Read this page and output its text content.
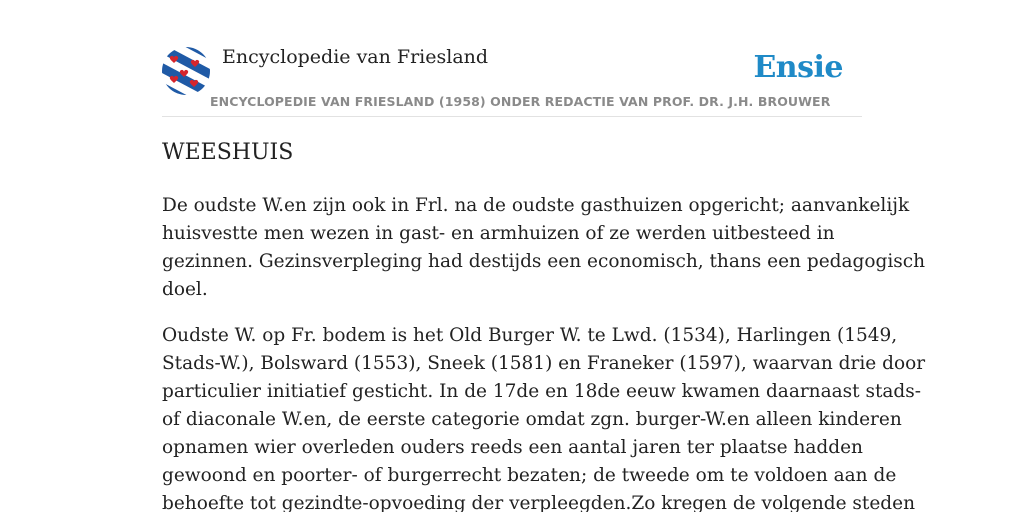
Encyclopedie van Friesland
ENCYCLOPEDIE VAN FRIESLAND (1958) ONDER REDACTIE VAN PROF. DR. J.H. BROUWER
Ensie
WEESHUIS

De oudste W.en zijn ook in Frl. na de oudste gasthuizen opgericht; aanvankelijk
huisvestte men wezen in gast- en armhuizen of ze werden uitbesteed in
gezinnen. Gezinsverpleging had destijds een economisch, thans een pedagogisch
doel.

Oudste W. op Fr. bodem is het Old Burger W. te Lwd. (1534), Harlingen (1549,
Stads-W.), Bolsward (1553), Sneek (1581) en Franeker (1597), waarvan drie door
particulier initiatief gesticht. In de 17de en 18de eeuw kwamen daarnaast stads-
of diaconale W.en, de eerste categorie omdat zgn. burger-W.en alleen kinderen
opnamen wier overleden ouders reeds een aantal jaren ter plaatse hadden
gewoond en poorter- of burgerrecht bezaten; de tweede om te voldoen aan de
behoefte tot gezindte-opvoeding der verpleegden.Zo kregen de volgende steden
